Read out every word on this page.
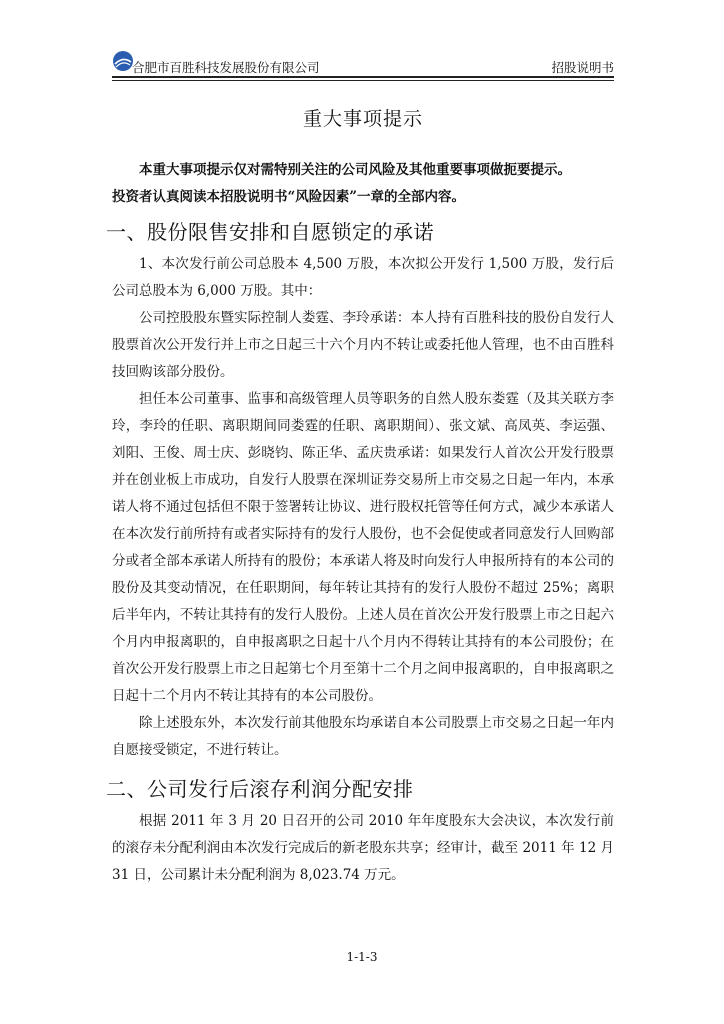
合肥市百胜科技发展股份有限公司	招股说明书
重大事项提示
本重大事项提示仅对需特别关注的公司风险及其他重要事项做扼要提示。
投资者认真阅读本招股说明书“风险因素”一章的全部内容。
一、股份限售安排和自愿锁定的承诺

1、本次发行前公司总股本 4,500 万股，本次拟公开发行 1,500 万股，发行后公司总股本为 6,000 万股。其中：

公司控股股东暨实际控制人娄霆、李玲承诺：本人持有百胜科技的股份自发行人股票首次公开发行并上市之日起三十六个月内不转让或委托他人管理，也不由百胜科技回购该部分股份。

担任本公司董事、监事和高级管理人员等职务的自然人股东娄霆（及其关联方李玲，李玲的任职、离职期间同娄霆的任职、离职期间）、张文斌、高凤英、李运强、刘阳、王俊、周士庆、彭晓钧、陈正华、孟庆贵承诺：如果发行人首次公开发行股票并在创业板上市成功，自发行人股票在深圳证券交易所上市交易之日起一年内，本承诺人将不通过包括但不限于签署转让协议、进行股权托管等任何方式，减少本承诺人在本次发行前所持有或者实际持有的发行人股份，也不会促使或者同意发行人回购部分或者全部本承诺人所持有的股份；本承诺人将及时向发行人申报所持有的本公司的股份及其变动情况，在任职期间，每年转让其持有的发行人股份不超过 25%；离职后半年内，不转让其持有的发行人股份。上述人员在首次公开发行股票上市之日起六个月内申报离职的，自申报离职之日起十八个月内不得转让其持有的本公司股份；在首次公开发行股票上市之日起第七个月至第十二个月之间申报离职的，自申报离职之日起十二个月内不转让其持有的本公司股份。

除上述股东外，本次发行前其他股东均承诺自本公司股票上市交易之日起一年内自愿接受锁定，不进行转让。

二、公司发行后滚存利润分配安排

根据 2011 年 3 月 20 日召开的公司 2010 年年度股东大会决议，本次发行前的滚存未分配利润由本次发行完成后的新老股东共享；经审计，截至 2011 年 12 月 31 日，公司累计未分配利润为 8,023.74 万元。

1-1-3
